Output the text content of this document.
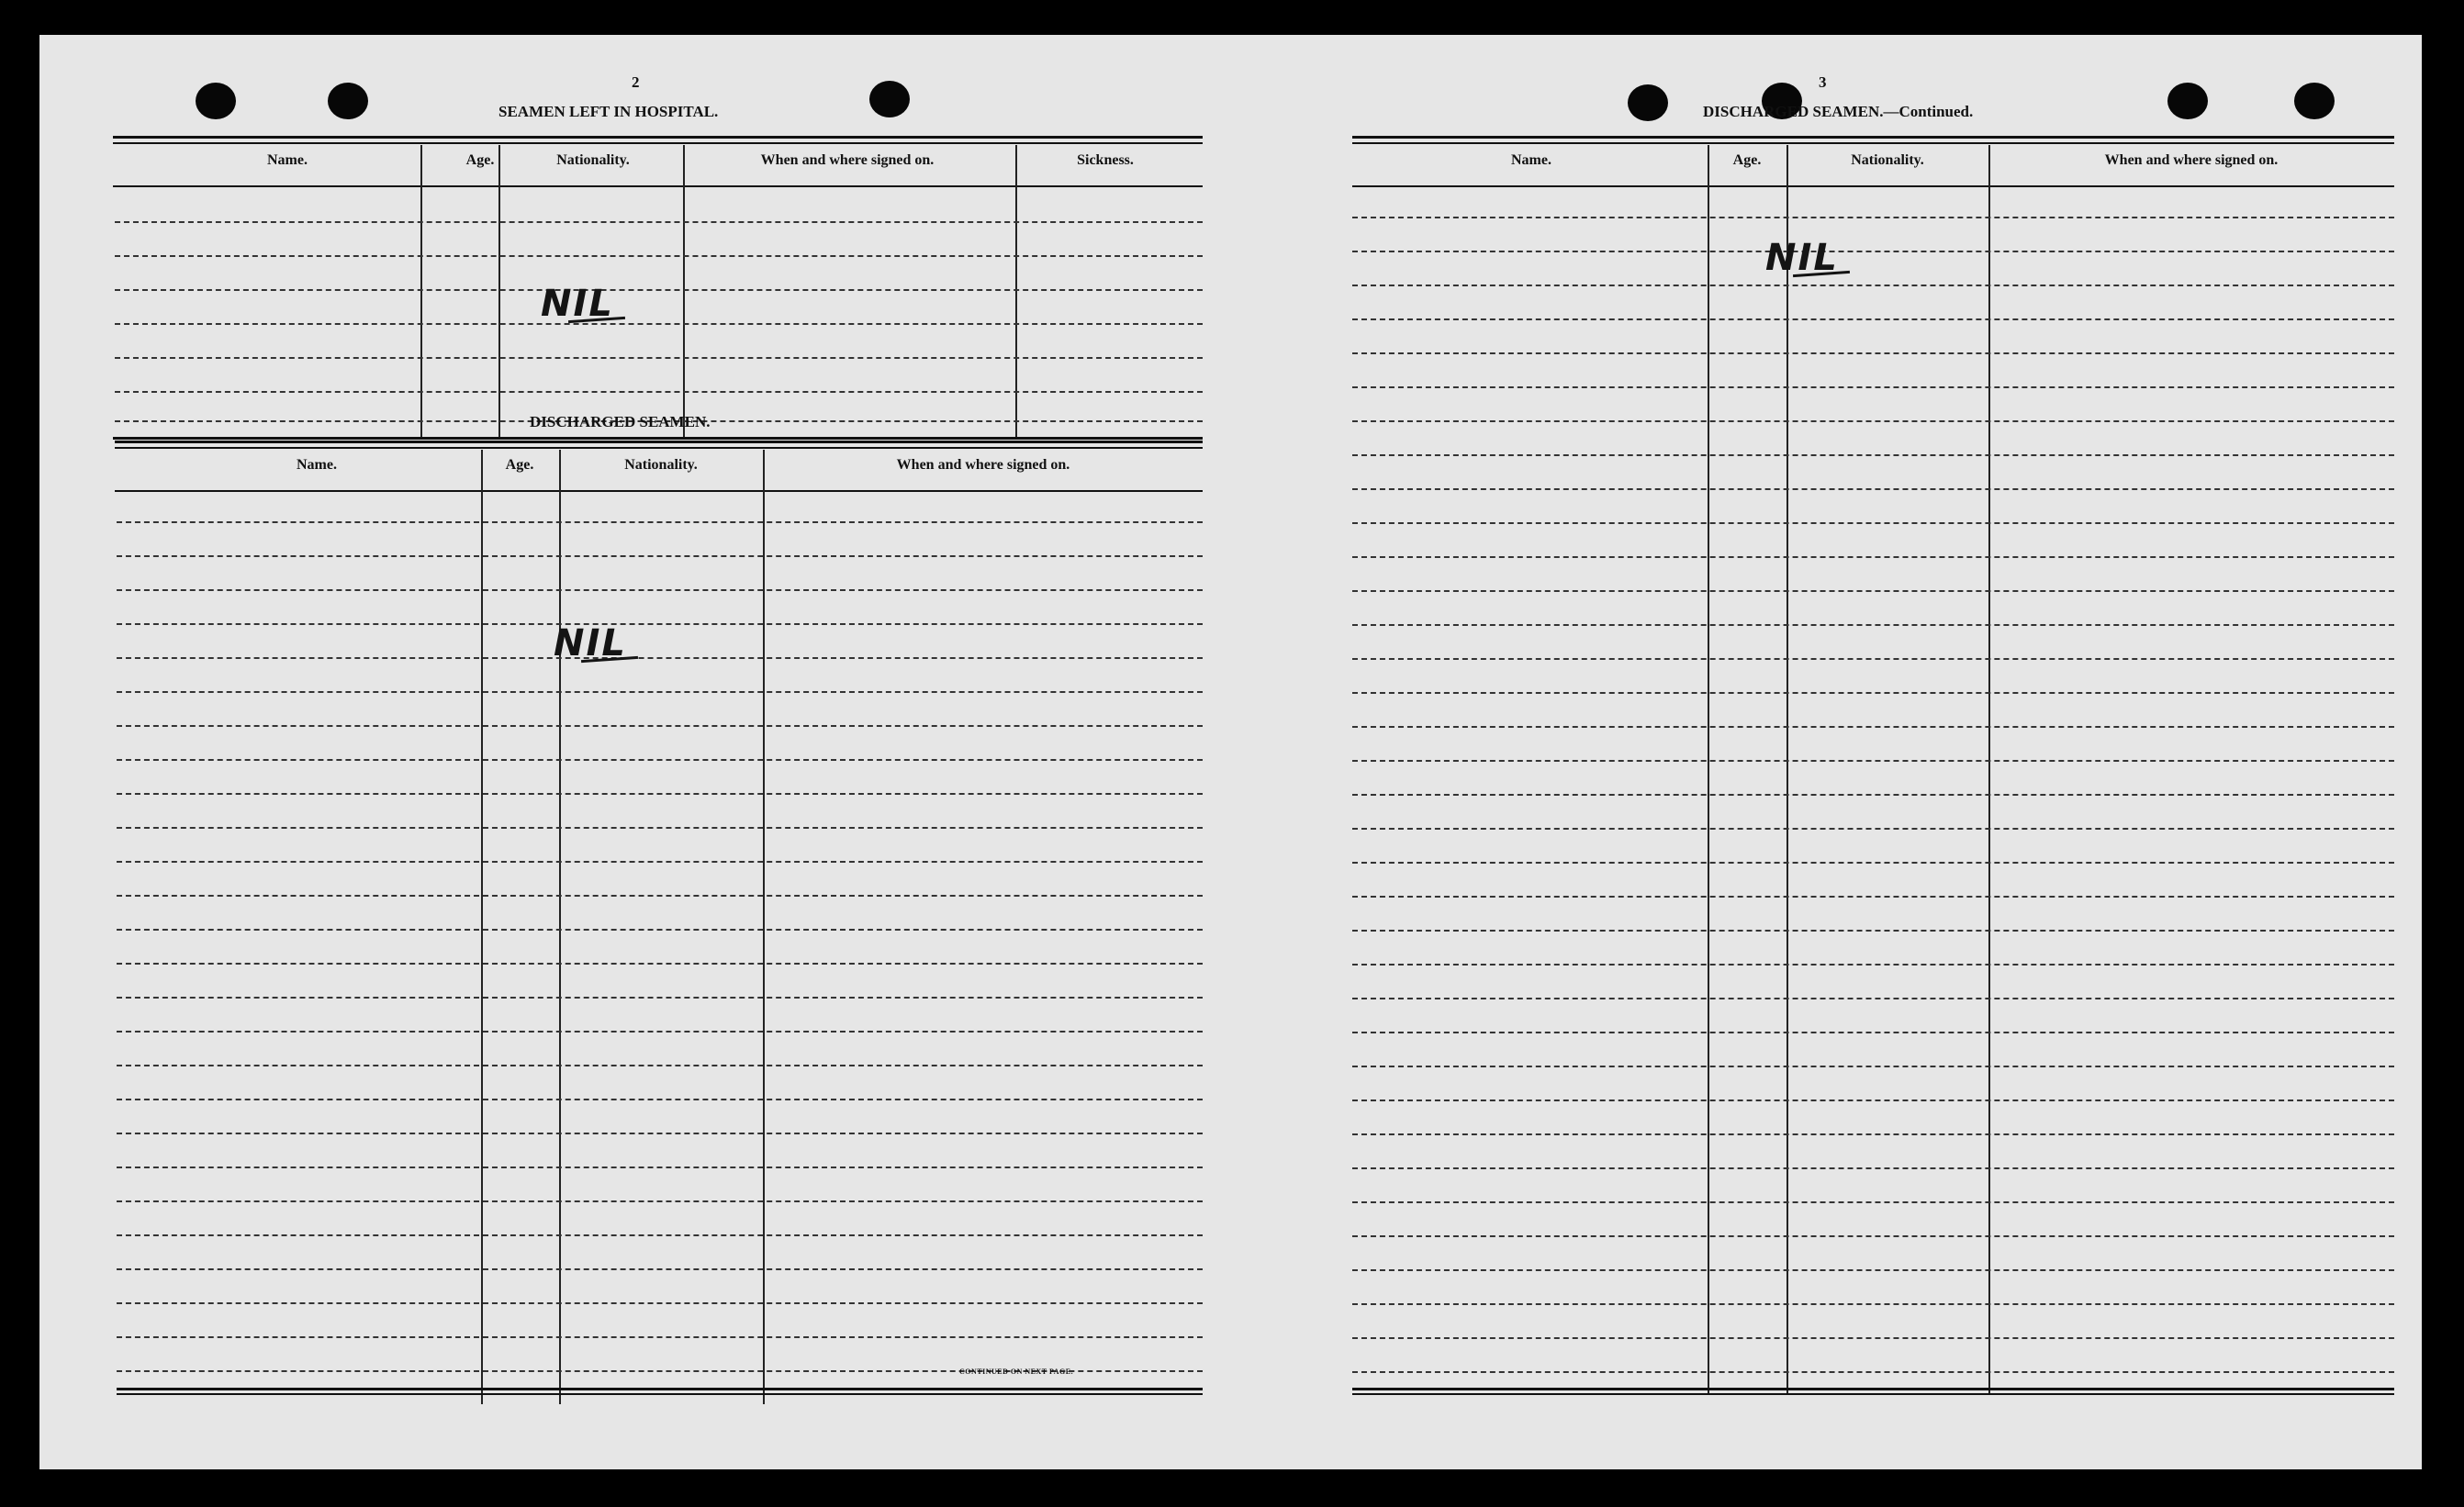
2
SEAMEN LEFT IN HOSPITAL.
Name.	Age.	Nationality.	When and where signed on.	Sickness.
NIL
DISCHARGED SEAMEN.
Name.	Age.	Nationality.	When and where signed on.
NIL
CONTINUED ON NEXT PAGE.
3
DISCHARGED SEAMEN.—Continued.
Name.	Age.	Nationality.	When and where signed on.
NIL
